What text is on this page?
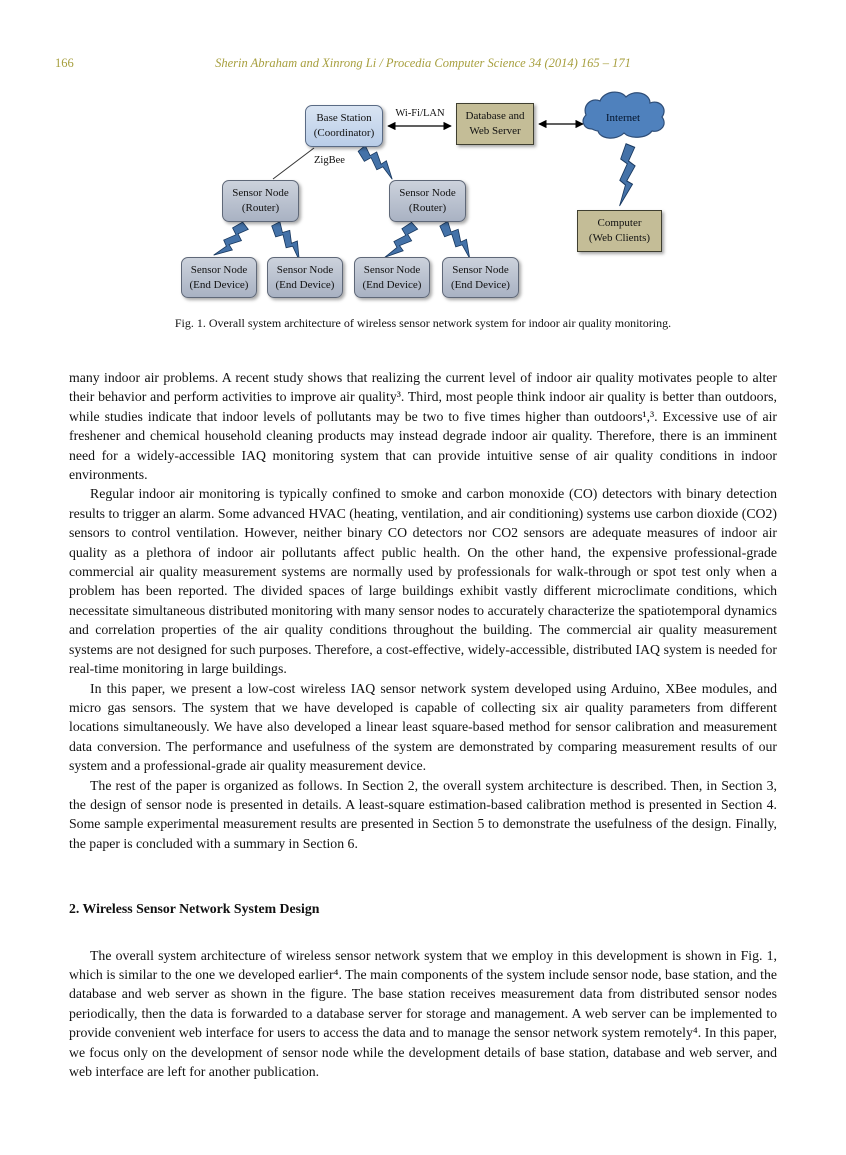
166	Sherin Abraham and Xinrong Li / Procedia Computer Science 34 (2014) 165 – 171
Internet
Base Station
(Coordinator)
Database and
Web Server
Sensor Node
(Router)
Sensor Node
(Router)
Sensor Node
(End Device)
Sensor Node
(End Device)
Sensor Node
(End Device)
Sensor Node
(End Device)
Computer
(Web Clients)
Wi-Fi/LAN
ZigBee
Fig. 1. Overall system architecture of wireless sensor network system for indoor air quality monitoring.

many indoor air problems. A recent study shows that realizing the current level of indoor air quality motivates people to alter their behavior and perform activities to improve air quality³. Third, most people think indoor air quality is better than outdoors, while studies indicate that indoor levels of pollutants may be two to five times higher than outdoors¹,³. Excessive use of air freshener and chemical household cleaning products may instead degrade indoor air quality. Therefore, there is an imminent need for a widely-accessible IAQ monitoring system that can provide intuitive sense of air quality conditions in indoor environments.

Regular indoor air monitoring is typically confined to smoke and carbon monoxide (CO) detectors with binary detection results to trigger an alarm. Some advanced HVAC (heating, ventilation, and air conditioning) systems use carbon dioxide (CO2) sensors to control ventilation. However, neither binary CO detectors nor CO2 sensors are adequate measures of indoor air quality as a plethora of indoor air pollutants affect public health. On the other hand, the expensive professional-grade commercial air quality measurement systems are normally used by professionals for walk-through or spot test only when a problem has been reported. The divided spaces of large buildings exhibit vastly different microclimate conditions, which necessitate simultaneous distributed monitoring with many sensor nodes to accurately characterize the spatiotemporal dynamics and correlation properties of the air quality conditions throughout the building. The commercial air quality measurement systems are not designed for such purposes. Therefore, a cost-effective, widely-accessible, distributed IAQ system is needed for real-time monitoring in large buildings.

In this paper, we present a low-cost wireless IAQ sensor network system developed using Arduino, XBee modules, and micro gas sensors. The system that we have developed is capable of collecting six air quality parameters from different locations simultaneously. We have also developed a linear least square-based method for sensor calibration and measurement data conversion. The performance and usefulness of the system are demonstrated by comparing measurement results of our system and a professional-grade air quality measurement device.

The rest of the paper is organized as follows. In Section 2, the overall system architecture is described. Then, in Section 3, the design of sensor node is presented in details. A least-square estimation-based calibration method is presented in Section 4. Some sample experimental measurement results are presented in Section 5 to demonstrate the usefulness of the design. Finally, the paper is concluded with a summary in Section 6.

2. Wireless Sensor Network System Design

The overall system architecture of wireless sensor network system that we employ in this development is shown in Fig. 1, which is similar to the one we developed earlier⁴. The main components of the system include sensor node, base station, and the database and web server as shown in the figure. The base station receives measurement data from distributed sensor nodes periodically, then the data is forwarded to a database server for storage and management. A web server can be implemented to provide convenient web interface for users to access the data and to manage the sensor network system remotely⁴. In this paper, we focus only on the development of sensor node while the development details of base station, database and web server, and web interface are left for another publication.
